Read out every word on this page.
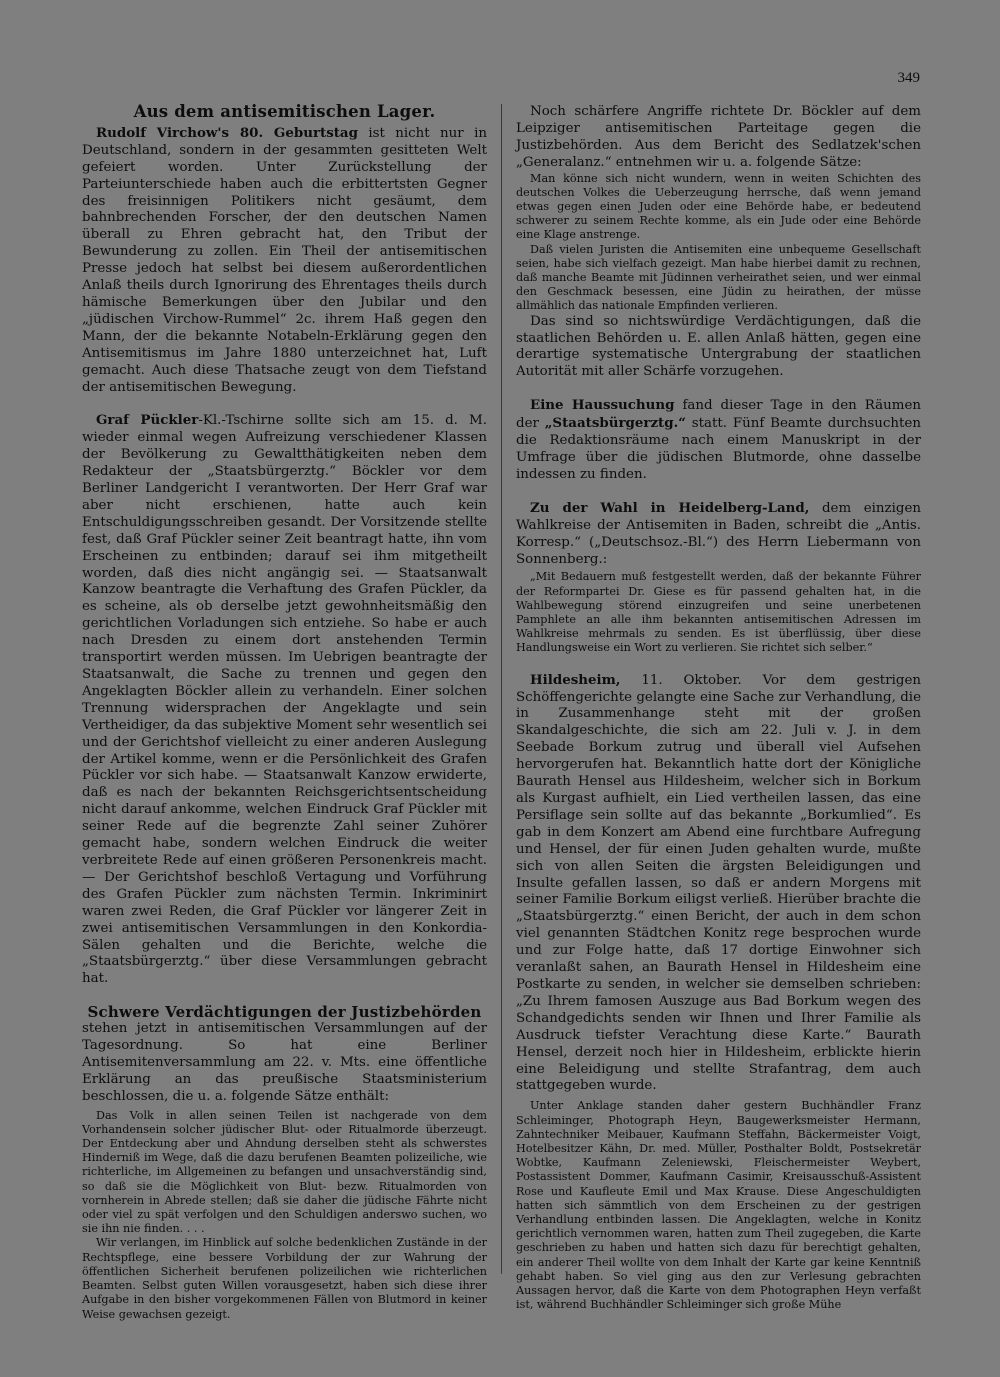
349
Aus dem antisemitischen Lager.

Rudolf Virchow's 80. Geburtstag ist nicht nur in Deutschland, sondern in der gesammten gesitteten Welt gefeiert worden. Unter Zurückstellung der Parteiunterschiede haben auch die erbittertsten Gegner des freisinnigen Politikers nicht gesäumt, dem bahnbrechenden Forscher, der den deutschen Namen überall zu Ehren gebracht hat, den Tribut der Bewunderung zu zollen. Ein Theil der antisemitischen Presse jedoch hat selbst bei diesem außerordentlichen Anlaß theils durch Ignorirung des Ehrentages theils durch hämische Bemerkungen über den Jubilar und den „jüdischen Virchow-Rummel“ 2c. ihrem Haß gegen den Mann, der die bekannte Notabeln-Erklärung gegen den Antisemitismus im Jahre 1880 unterzeichnet hat, Luft gemacht. Auch diese Thatsache zeugt von dem Tiefstand der antisemitischen Bewegung.

Graf Pückler-Kl.-Tschirne sollte sich am 15. d. M. wieder einmal wegen Aufreizung verschiedener Klassen der Bevölkerung zu Gewaltthätigkeiten neben dem Redakteur der „Staatsbürgerztg.“ Böckler vor dem Berliner Landgericht I verantworten. Der Herr Graf war aber nicht erschienen, hatte auch kein Entschuldigungsschreiben gesandt. Der Vorsitzende stellte fest, daß Graf Pückler seiner Zeit beantragt hatte, ihn vom Erscheinen zu entbinden; darauf sei ihm mitgetheilt worden, daß dies nicht angängig sei. — Staatsanwalt Kanzow beantragte die Verhaftung des Grafen Pückler, da es scheine, als ob derselbe jetzt gewohnheitsmäßig den gerichtlichen Vorladungen sich entziehe. So habe er auch nach Dresden zu einem dort anstehenden Termin transportirt werden müssen. Im Uebrigen beantragte der Staatsanwalt, die Sache zu trennen und gegen den Angeklagten Böckler allein zu verhandeln. Einer solchen Trennung widersprachen der Angeklagte und sein Vertheidiger, da das subjektive Moment sehr wesentlich sei und der Gerichtshof vielleicht zu einer anderen Auslegung der Artikel komme, wenn er die Persönlichkeit des Grafen Pückler vor sich habe. — Staatsanwalt Kanzow erwiderte, daß es nach der bekannten Reichsgerichtsentscheidung nicht darauf ankomme, welchen Eindruck Graf Pückler mit seiner Rede auf die begrenzte Zahl seiner Zuhörer gemacht habe, sondern welchen Eindruck die weiter verbreitete Rede auf einen größeren Personenkreis macht. — Der Gerichtshof beschloß Vertagung und Vorführung des Grafen Pückler zum nächsten Termin. Inkriminirt waren zwei Reden, die Graf Pückler vor längerer Zeit in zwei antisemitischen Versammlungen in den Konkordia-Sälen gehalten und die Berichte, welche die „Staatsbürgerztg.“ über diese Versammlungen gebracht hat.

Schwere Verdächtigungen der Justizbehörden

stehen jetzt in antisemitischen Versammlungen auf der Tagesordnung. So hat eine Berliner Antisemitenversammlung am 22. v. Mts. eine öffentliche Erklärung an das preußische Staatsministerium beschlossen, die u. a. folgende Sätze enthält:

Das Volk in allen seinen Teilen ist nachgerade von dem Vorhandensein solcher jüdischer Blut- oder Ritualmorde überzeugt. Der Entdeckung aber und Ahndung derselben steht als schwerstes Hinderniß im Wege, daß die dazu berufenen Beamten polizeiliche, wie richterliche, im Allgemeinen zu befangen und unsachverständig sind, so daß sie die Möglichkeit von Blut- bezw. Ritualmorden von vornherein in Abrede stellen; daß sie daher die jüdische Fährte nicht oder viel zu spät verfolgen und den Schuldigen anderswo suchen, wo sie ihn nie finden. . . .

Wir verlangen, im Hinblick auf solche bedenklichen Zustände in der Rechtspflege, eine bessere Vorbildung der zur Wahrung der öffentlichen Sicherheit berufenen polizeilichen wie richterlichen Beamten. Selbst guten Willen vorausgesetzt, haben sich diese ihrer Aufgabe in den bisher vorgekommenen Fällen von Blutmord in keiner Weise gewachsen gezeigt.

Noch schärfere Angriffe richtete Dr. Böckler auf dem Leipziger antisemitischen Parteitage gegen die Justizbehörden. Aus dem Bericht des Sedlatzek'schen „Generalanz.“ entnehmen wir u. a. folgende Sätze:

Man könne sich nicht wundern, wenn in weiten Schichten des deutschen Volkes die Ueberzeugung herrsche, daß wenn jemand etwas gegen einen Juden oder eine Behörde habe, er bedeutend schwerer zu seinem Rechte komme, als ein Jude oder eine Behörde eine Klage anstrenge.

Daß vielen Juristen die Antisemiten eine unbequeme Gesellschaft seien, habe sich vielfach gezeigt. Man habe hierbei damit zu rechnen, daß manche Beamte mit Jüdinnen verheirathet seien, und wer einmal den Geschmack besessen, eine Jüdin zu heirathen, der müsse allmählich das nationale Empfinden verlieren.

Das sind so nichtswürdige Verdächtigungen, daß die staatlichen Behörden u. E. allen Anlaß hätten, gegen eine derartige systematische Untergrabung der staatlichen Autorität mit aller Schärfe vorzugehen.

Eine Haussuchung fand dieser Tage in den Räumen der „Staatsbürgerztg.“ statt. Fünf Beamte durchsuchten die Redaktionsräume nach einem Manuskript in der Umfrage über die jüdischen Blutmorde, ohne dasselbe indessen zu finden.

Zu der Wahl in Heidelberg-Land, dem einzigen Wahlkreise der Antisemiten in Baden, schreibt die „Antis. Korresp.“ („Deutschsoz.-Bl.“) des Herrn Liebermann von Sonnenberg.:

„Mit Bedauern muß festgestellt werden, daß der bekannte Führer der Reformpartei Dr. Giese es für passend gehalten hat, in die Wahlbewegung störend einzugreifen und seine unerbetenen Pamphlete an alle ihm bekannten antisemitischen Adressen im Wahlkreise mehrmals zu senden. Es ist überflüssig, über diese Handlungsweise ein Wort zu verlieren. Sie richtet sich selber.“

Hildesheim, 11. Oktober. Vor dem gestrigen Schöffengerichte gelangte eine Sache zur Verhandlung, die in Zusammenhange steht mit der großen Skandalgeschichte, die sich am 22. Juli v. J. in dem Seebade Borkum zutrug und überall viel Aufsehen hervorgerufen hat. Bekanntlich hatte dort der Königliche Baurath Hensel aus Hildesheim, welcher sich in Borkum als Kurgast aufhielt, ein Lied vertheilen lassen, das eine Persiflage sein sollte auf das bekannte „Borkumlied“. Es gab in dem Konzert am Abend eine furchtbare Aufregung und Hensel, der für einen Juden gehalten wurde, mußte sich von allen Seiten die ärgsten Beleidigungen und Insulte gefallen lassen, so daß er andern Morgens mit seiner Familie Borkum eiligst verließ. Hierüber brachte die „Staatsbürgerztg.“ einen Bericht, der auch in dem schon viel genannten Städtchen Konitz rege besprochen wurde und zur Folge hatte, daß 17 dortige Einwohner sich veranlaßt sahen, an Baurath Hensel in Hildesheim eine Postkarte zu senden, in welcher sie demselben schrieben: „Zu Ihrem famosen Auszuge aus Bad Borkum wegen des Schandgedichts senden wir Ihnen und Ihrer Familie als Ausdruck tiefster Verachtung diese Karte.“ Baurath Hensel, derzeit noch hier in Hildesheim, erblickte hierin eine Beleidigung und stellte Strafantrag, dem auch stattgegeben wurde.

Unter Anklage standen daher gestern Buchhändler Franz Schleiminger, Photograph Heyn, Baugewerksmeister Hermann, Zahntechniker Meibauer, Kaufmann Steffahn, Bäckermeister Voigt, Hotelbesitzer Kähn, Dr. med. Müller, Posthalter Boldt, Postsekretär Wobtke, Kaufmann Zeleniewski, Fleischermeister Weybert, Postassistent Dommer, Kaufmann Casimir, Kreisausschuß-Assistent Rose und Kaufleute Emil und Max Krause. Diese Angeschuldigten hatten sich sämmtlich von dem Erscheinen zu der gestrigen Verhandlung entbinden lassen. Die Angeklagten, welche in Konitz gerichtlich vernommen waren, hatten zum Theil zugegeben, die Karte geschrieben zu haben und hatten sich dazu für berechtigt gehalten, ein anderer Theil wollte von dem Inhalt der Karte gar keine Kenntniß gehabt haben. So viel ging aus den zur Verlesung gebrachten Aussagen hervor, daß die Karte von dem Photographen Heyn verfaßt ist, während Buchhändler Schleiminger sich große Mühe
